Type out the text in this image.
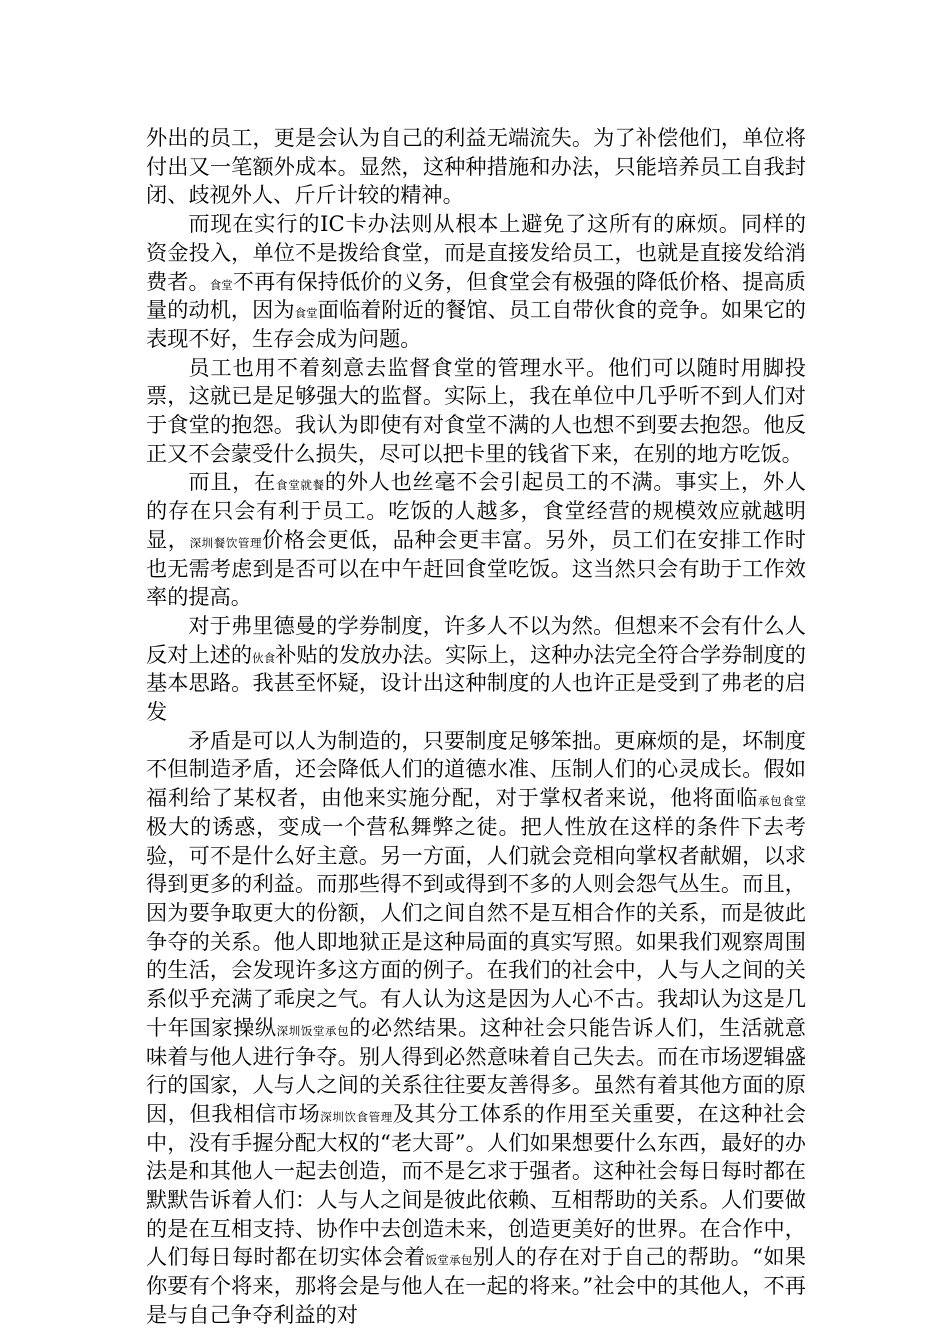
外出的员工，更是会认为自己的利益无端流失。为了补偿他们，单位将付出又一笔额外成本。显然，这种种措施和办法，只能培养员工自我封闭、歧视外人、斤斤计较的精神。

而现在实行的IC卡办法则从根本上避免了这所有的麻烦。同样的资金投入，单位不是拨给食堂，而是直接发给员工，也就是直接发给消费者。食堂不再有保持低价的义务，但食堂会有极强的降低价格、提高质量的动机，因为食堂面临着附近的餐馆、员工自带伙食的竞争。如果它的表现不好，生存会成为问题。

员工也用不着刻意去监督食堂的管理水平。他们可以随时用脚投票，这就已是足够强大的监督。实际上，我在单位中几乎听不到人们对于食堂的抱怨。我认为即使有对食堂不满的人也想不到要去抱怨。他反正又不会蒙受什么损失，尽可以把卡里的钱省下来，在别的地方吃饭。

而且，在食堂就餐的外人也丝毫不会引起员工的不满。事实上，外人的存在只会有利于员工。吃饭的人越多，食堂经营的规模效应就越明显，深圳餐饮管理价格会更低，品种会更丰富。另外，员工们在安排工作时也无需考虑到是否可以在中午赶回食堂吃饭。这当然只会有助于工作效率的提高。

对于弗里德曼的学券制度，许多人不以为然。但想来不会有什么人反对上述的伙食补贴的发放办法。实际上，这种办法完全符合学券制度的基本思路。我甚至怀疑，设计出这种制度的人也许正是受到了弗老的启发

矛盾是可以人为制造的，只要制度足够笨拙。更麻烦的是，坏制度不但制造矛盾，还会降低人们的道德水准、压制人们的心灵成长。假如福利给了某权者，由他来实施分配，对于掌权者来说，他将面临承包食堂极大的诱惑，变成一个营私舞弊之徒。把人性放在这样的条件下去考验，可不是什么好主意。另一方面，人们就会竞相向掌权者献媚，以求得到更多的利益。而那些得不到或得到不多的人则会怨气丛生。而且，因为要争取更大的份额，人们之间自然不是互相合作的关系，而是彼此争夺的关系。他人即地狱正是这种局面的真实写照。如果我们观察周围的生活，会发现许多这方面的例子。在我们的社会中，人与人之间的关系似乎充满了乖戾之气。有人认为这是因为人心不古。我却认为这是几十年国家操纵深圳饭堂承包的必然结果。这种社会只能告诉人们，生活就意味着与他人进行争夺。别人得到必然意味着自己失去。而在市场逻辑盛行的国家，人与人之间的关系往往要友善得多。虽然有着其他方面的原因，但我相信市场深圳饮食管理及其分工体系的作用至关重要，在这种社会中，没有手握分配大权的“老大哥”。人们如果想要什么东西，最好的办法是和其他人一起去创造，而不是乞求于强者。这种社会每日每时都在默默告诉着人们：人与人之间是彼此依赖、互相帮助的关系。人们要做的是在互相支持、协作中去创造未来，创造更美好的世界。在合作中，人们每日每时都在切实体会着饭堂承包别人的存在对于自己的帮助。“如果你要有个将来，那将会是与他人在一起的将来。”社会中的其他人，不再是与自己争夺利益的对
